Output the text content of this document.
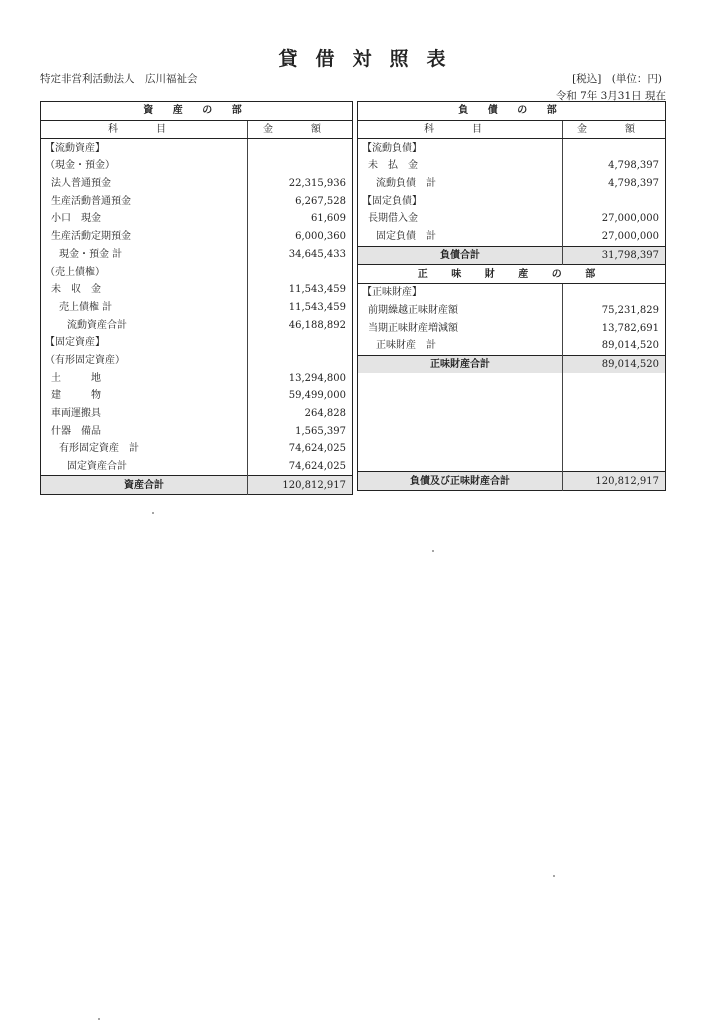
貸借対照表
特定非営利活動法人　広川福祉会	[税込]　(単位：円)
令和 7年 3月31日 現在
資 産 の 部	
科　目	金　額
【流動資産】	
（現金・預金）	
法人普通預金	22,315,936
生産活動普通預金	6,267,528
小口　現金	61,609
生産活動定期預金	6,000,360
現金・預金 計	34,645,433
（売上債権）	
未　収　金	11,543,459
売上債権 計	11,543,459
流動資産合計	46,188,892
【固定資産】	
（有形固定資産）	
土　　　地	13,294,800
建　　　物	59,499,000
車両運搬具	264,828
什器　備品	1,565,397
有形固定資産　計	74,624,025
固定資産合計	74,624,025
資産合計	120,812,917
負 債 の 部	
科　目	金　額
【流動負債】	
未　払　金	4,798,397
流動負債　計	4,798,397
【固定負債】	
長期借入金	27,000,000
固定負債　計	27,000,000
負債合計	31,798,397
正 味 財 産 の 部	
【正味財産】	
前期繰越正味財産額	75,231,829
当期正味財産増減額	13,782,691
正味財産　計	89,014,520
正味財産合計	89,014,520

負債及び正味財産合計	120,812,917
